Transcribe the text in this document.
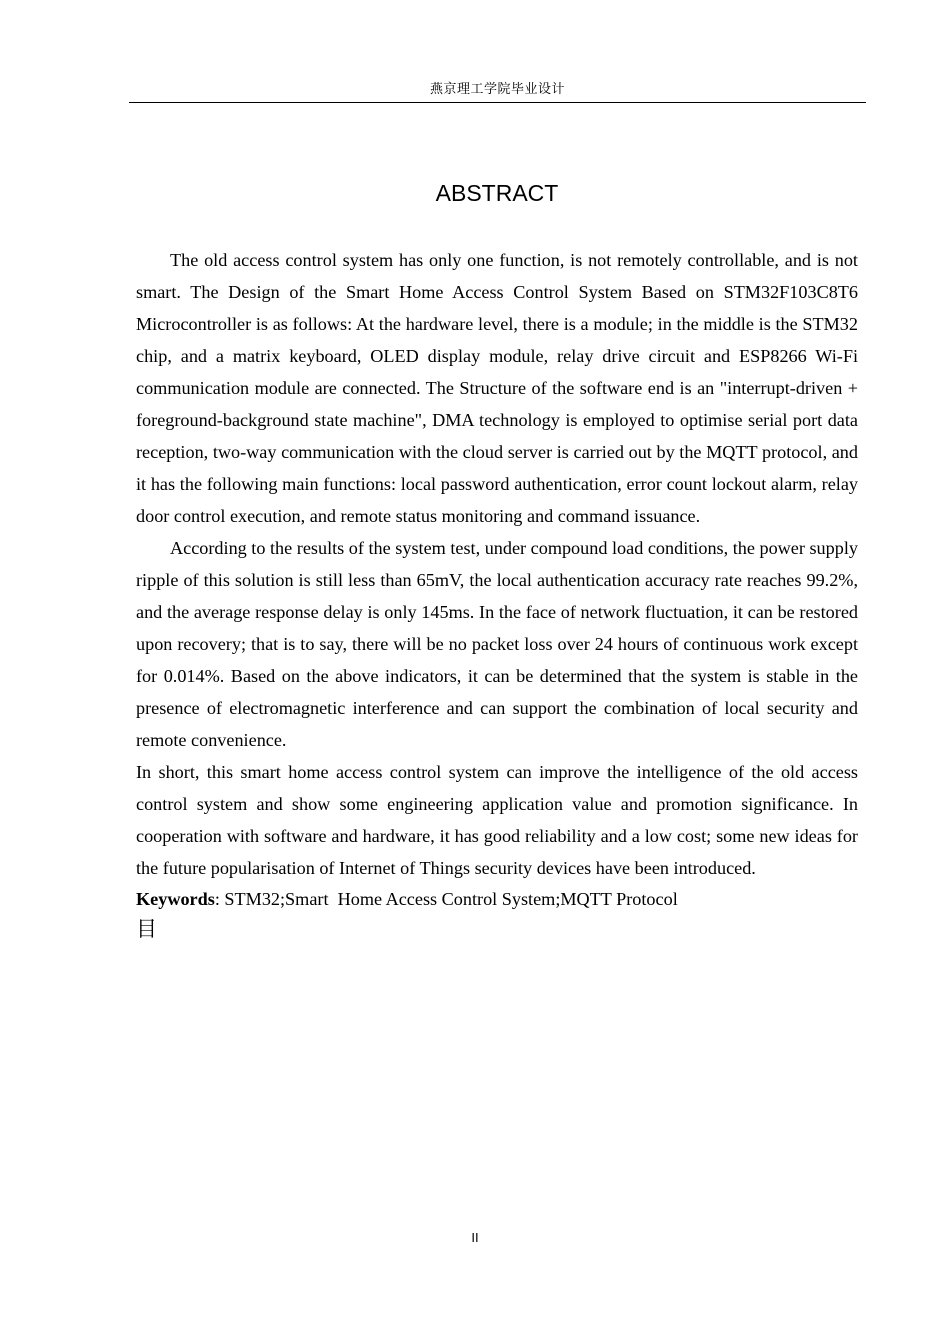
燕京理工学院毕业设计
ABSTRACT

The old access control system has only one function, is not remotely controllable, and is not smart. The Design of the Smart Home Access Control System Based on STM32F103C8T6 Microcontroller is as follows: At the hardware level, there is a module; in the middle is the STM32 chip, and a matrix keyboard, OLED display module, relay drive circuit and ESP8266 Wi-Fi communication module are connected. The Structure of the software end is an "interrupt-driven + foreground-background state machine", DMA technology is employed to optimise serial port data reception, two-way communication with the cloud server is carried out by the MQTT protocol, and it has the following main functions: local password authentication, error count lockout alarm, relay door control execution, and remote status monitoring and command issuance.

According to the results of the system test, under compound load conditions, the power supply ripple of this solution is still less than 65mV, the local authentication accuracy rate reaches 99.2%, and the average response delay is only 145ms. In the face of network fluctuation, it can be restored upon recovery; that is to say, there will be no packet loss over 24 hours of continuous work except for 0.014%. Based on the above indicators, it can be determined that the system is stable in the presence of electromagnetic interference and can support the combination of local security and remote convenience.

In short, this smart home access control system can improve the intelligence of the old access control system and show some engineering application value and promotion significance. In cooperation with software and hardware, it has good reliability and a low cost; some new ideas for the future popularisation of Internet of Things security devices have been introduced.

Keywords: STM32;Smart  Home Access Control System;MQTT Protocol

目
II
